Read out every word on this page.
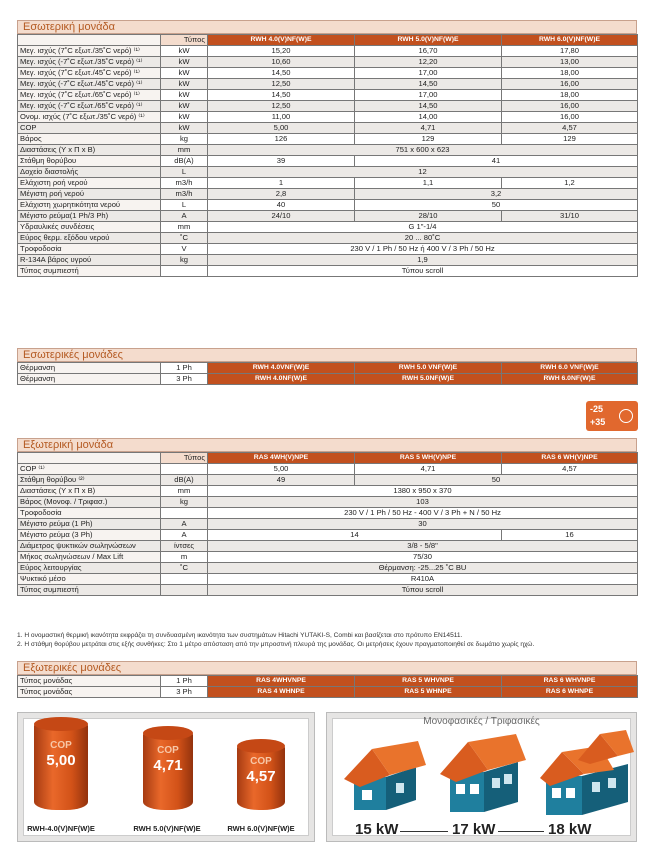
Εσωτερική μονάδα
	Τύπος	RWH 4.0(V)NF(W)E	RWH 5.0(V)NF(W)E	RWH 6.0(V)NF(W)E
Μεγ. ισχύς (7˚C εξωτ./35˚C νερό) ⁽¹⁾	kW	15,20	16,70	17,80
Μεγ. ισχύς (-7˚C εξωτ./35˚C νερό) ⁽¹⁾	kW	10,60	12,20	13,00
Μεγ. ισχύς (7˚C εξωτ./45˚C νερό) ⁽¹⁾	kW	14,50	17,00	18,00
Μεγ. ισχύς (-7˚C εξωτ./45˚C νερό) ⁽¹⁾	kW	12,50	14,50	16,00
Μεγ. ισχύς (7˚C εξωτ./65˚C νερό) ⁽¹⁾	kW	14,50	17,00	18,00
Μεγ. ισχύς (-7˚C εξωτ./65˚C νερό) ⁽¹⁾	kW	12,50	14,50	16,00
Ονομ. ισχύς (7˚C εξωτ./35˚C νερό) ⁽¹⁾	kW	11,00	14,00	16,00
COP	kW	5,00	4,71	4,57
Βάρος	kg	126	129	129
Διαστάσεις (Υ x Π x Β)	mm	751 x 600 x 623		
Στάθμη θορύβου	dB(A)	39	41	
Δοχείο διαστολής	L	12		
Ελάχιστη ροή νερού	m3/h	1	1,1	1,2
Μέγιστη ροή νερού	m3/h	2,8	3,2	
Ελάχιστη χωρητικότητα νερού	L	40	50	
Μέγιστο ρεύμα(1 Ph/3 Ph)	A	24/10	28/10	31/10
Υδραυλικές συνδέσεις	mm	G 1"-1/4		
Εύρος θερμ. εξόδου νερού	˚C	20 ... 80˚C		
Τροφοδοσία	V	230 V / 1 Ph / 50 Hz ή 400 V / 3 Ph / 50 Hz		
R-134A βάρος υγρού	kg	1,9		
Τύπος συμπιεστή		Τύπου scroll		
Εσωτερικές μονάδες
Θέρμανση	1 Ph	RWH 4.0VNF(W)E	RWH 5.0 VNF(W)E	RWH 6.0 VNF(W)E
Θέρμανση	3 Ph	RWH 4.0NF(W)E	RWH 5.0NF(W)E	RWH 6.0NF(W)E
-25
+35
Εξωτερική μονάδα
	Τύπος	RAS 4WH(V)NPE	RAS 5 WH(V)NPE	RAS 6 WH(V)NPE
COP ⁽¹⁾		5,00	4,71	4,57
Στάθμη θορύβου ⁽²⁾	dB(A)	49	50	
Διαστάσεις (Υ x Π x Β)	mm	1380 x 950 x 370		
Βάρος (Μονοφ. / Τριφασ.)	kg	103		
Τροφοδοσία		230 V / 1 Ph / 50 Hz - 400 V / 3 Ph + N / 50 Hz		
Μέγιστο ρεύμα (1 Ph)	A	30		
Μέγιστο ρεύμα (3 Ph)	A	14		16
Διάμετρος ψυκτικών σωληνώσεων	ίντσες	3/8 - 5/8"		
Μήκος σωληνώσεων / Max Lift	m	75/30		
Εύρος λειτουργίας	˚C	Θέρμανση: -25...25 ˚C BU		
Ψυκτικό μέσο		R410A		
Τύπος συμπιεστή		Τύπου scroll		
1. Η ονομαστική θερμική ικανότητα εκφράζει τη συνδυασμένη ικανότητα των συστημάτων Hitachi YUTAKI-S, Combi και βασίζεται στο πρότυπο EN14511.
2. Η στάθμη θορύβου μετράται στις εξής συνθήκες: Στο 1 μέτρο απόσταση από την μπροστινή πλευρά της μονάδας. Οι μετρήσεις έχουν πραγματοποιηθεί σε δωμάτιο χωρίς ηχώ.
Εξωτερικές μονάδες
Τύπος μονάδας	1 Ph	RAS 4WHVNPE	RAS 5 WHVNPE	RAS 6 WHVNPE
Τύπος μονάδας	3 Ph	RAS 4 WHNPE	RAS 5 WHNPE	RAS 6 WHNPE
COP
5,00
COP
4,71	COP
4,57
RWH-4.0(V)NF(W)E	RWH 5.0(V)NF(W)E	RWH 6.0(V)NF(W)E
Μονοφασικές / Τριφασικές
15 kW	17 kW	18 kW
